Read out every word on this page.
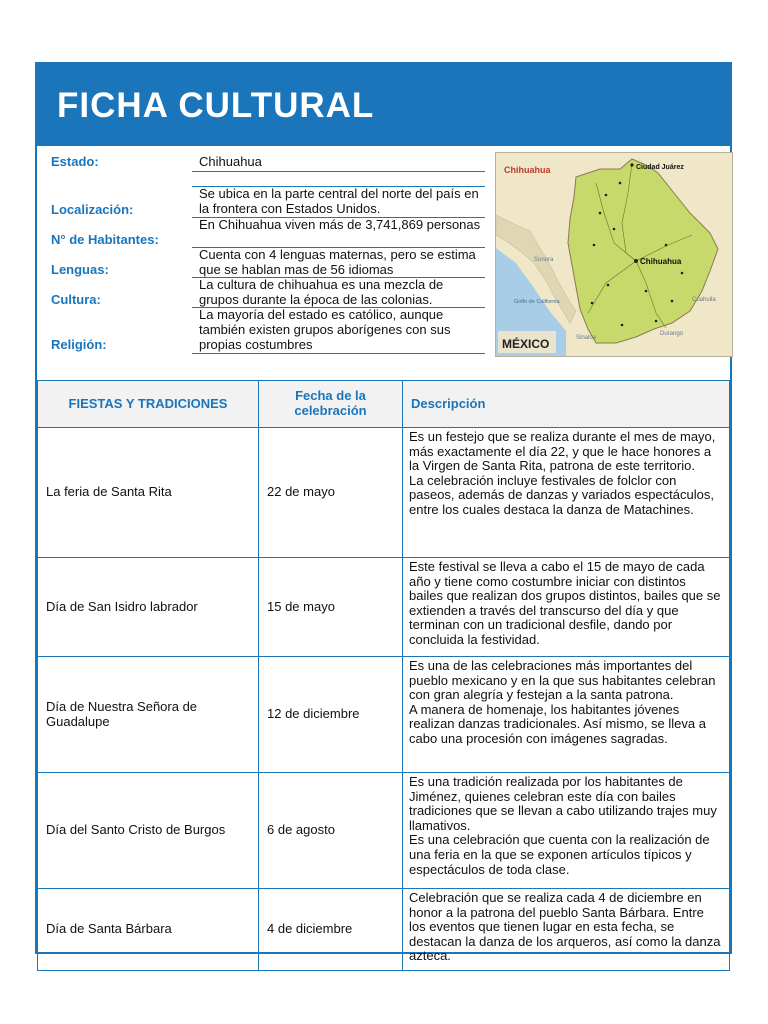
FICHA CULTURAL
Estado:	Chihuahua
Localización:
Se ubica en la parte central del norte del país en la frontera con Estados Unidos.
N° de Habitantes:
En Chihuahua viven más de 3,741,869 personas
Lenguas:
Cuenta con 4 lenguas maternas, pero se estima que se hablan mas de 56 idiomas
Cultura:
La cultura de chihuahua es una mezcla de grupos durante la época de las colonias.
Religión:
La mayoría del estado es católico, aunque también existen grupos aborígenes con sus propias costumbres
Chihuahua	Ciudad Juárez
Chihuahua
Sonora
Coahuila
Durango
Sinaloa
Golfo de California
MÉXICO
FIESTAS Y TRADICIONES	Fecha de la celebración	Descripción
La feria de Santa Rita	22 de mayo	Es un festejo que se realiza durante el mes de mayo, más exactamente el día 22, y que le hace honores a la Virgen de Santa Rita, patrona de este territorio.
La celebración incluye festivales de folclor con paseos, además de danzas y variados espectáculos, entre los cuales destaca la danza de Matachines.
Día de San Isidro labrador	15 de mayo	Este festival se lleva a cabo el 15 de mayo de cada año y tiene como costumbre iniciar con distintos bailes que realizan dos grupos distintos, bailes que se extienden a través del transcurso del día y que terminan con un tradicional desfile, dando por concluida la festividad.
Día de Nuestra Señora de Guadalupe	12 de diciembre	Es una de las celebraciones más importantes del pueblo mexicano y en la que sus habitantes celebran con gran alegría y festejan a la santa patrona.
A manera de homenaje, los habitantes jóvenes realizan danzas tradicionales. Así mismo, se lleva a cabo una procesión con imágenes sagradas.
Día del Santo Cristo de Burgos	6 de agosto	Es una tradición realizada por los habitantes de Jiménez, quienes celebran este día con bailes tradiciones que se llevan a cabo utilizando trajes muy llamativos.
Es una celebración que cuenta con la realización de una feria en la que se exponen artículos típicos y espectáculos de toda clase.
Día de Santa Bárbara	4 de diciembre	Celebración que se realiza cada 4 de diciembre en honor a la patrona del pueblo Santa Bárbara. Entre los eventos que tienen lugar en esta fecha, se destacan la danza de los arqueros, así como la danza azteca.
